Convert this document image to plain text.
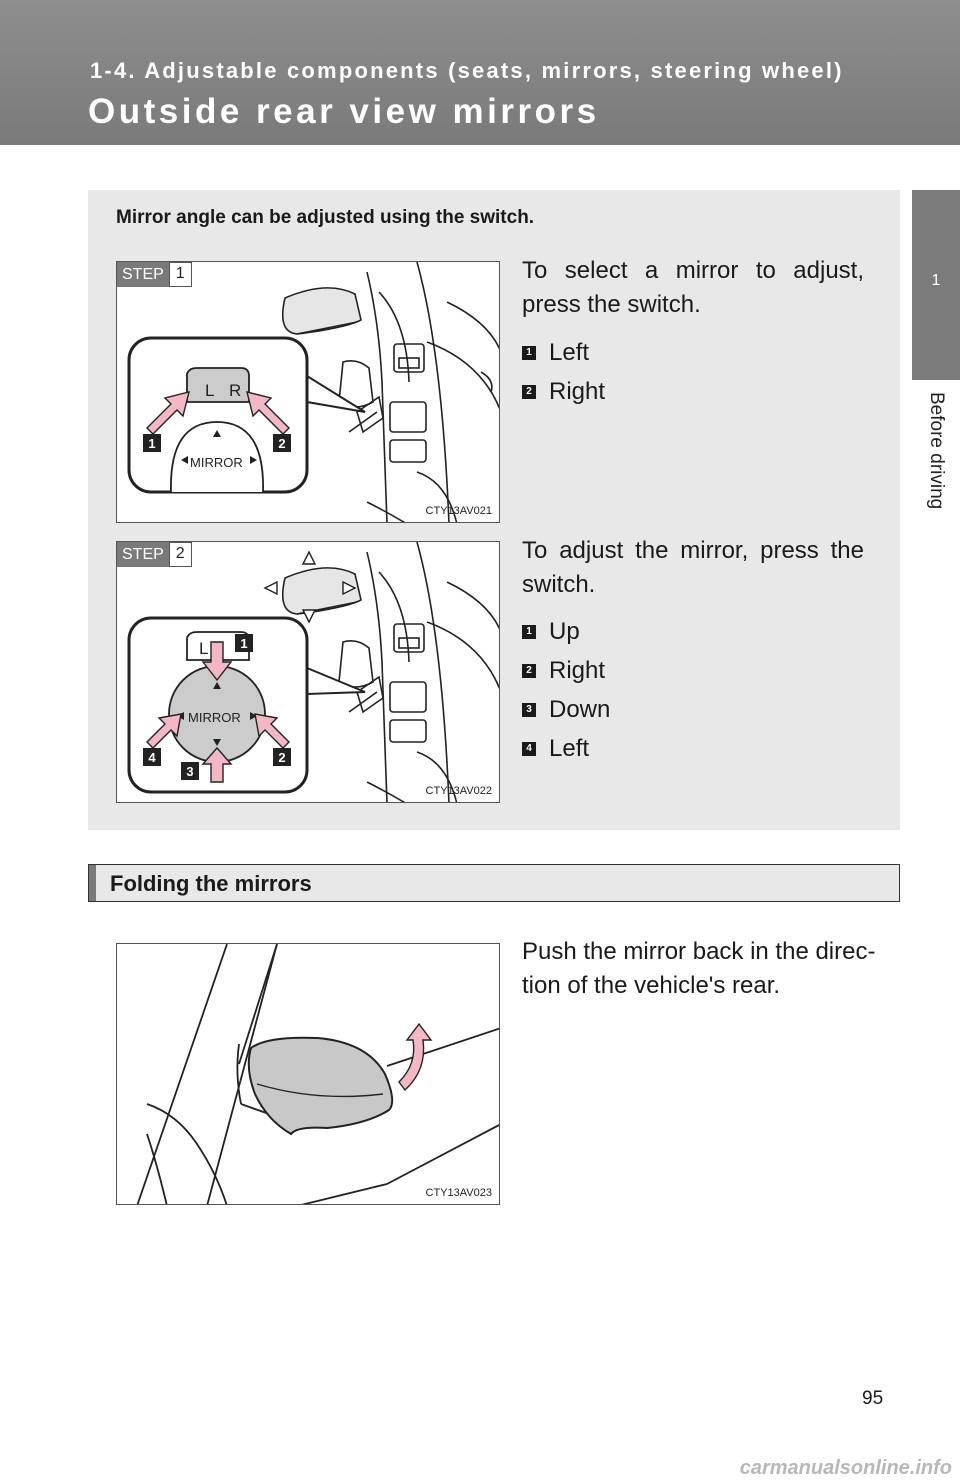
1-4. Adjustable components (seats, mirrors, steering wheel)
Outside rear view mirrors
1
Before driving
Mirror angle can be adjusted using the switch.
L R
MIRROR
1	2
STEP 1
CTY13AV021
To select a mirror to adjust, press the switch.
1 Left
2 Right
L
MIRROR
1
2
3
4
STEP 2
CTY13AV022
To adjust the mirror, press the switch.
1 Up
2 Right
3 Down
4 Left
Folding the mirrors
CTY13AV023
Push the mirror back in the direc-tion of the vehicle's rear.
95
carmanualsonline.info
